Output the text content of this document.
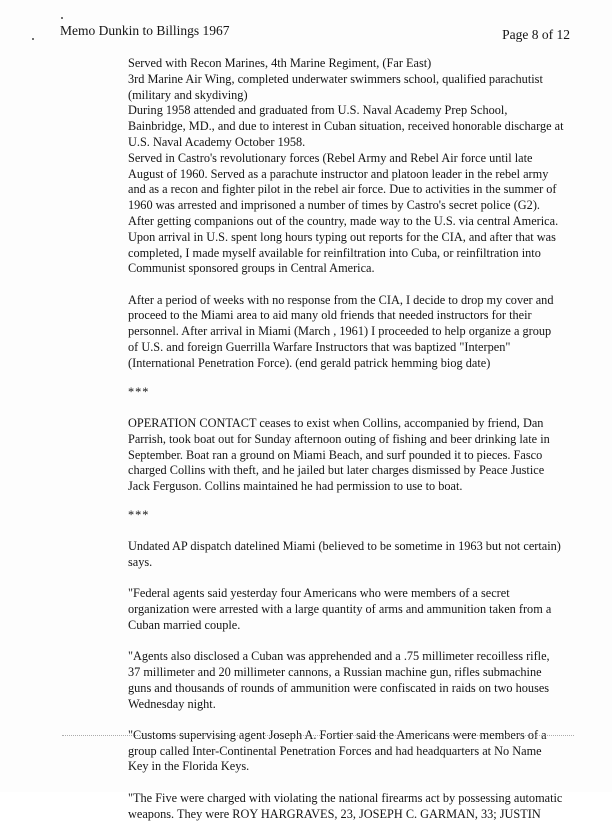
Memo Dunkin to Billings 1967	Page 8 of 12
Served with Recon Marines, 4th Marine Regiment, (Far East)
3rd Marine Air Wing, completed underwater swimmers school, qualified parachutist (military and skydiving)
During 1958 attended and graduated from U.S. Naval Academy Prep School, Bainbridge, MD., and due to interest in Cuban situation, received honorable discharge at U.S. Naval Academy October 1958.
Served in Castro's revolutionary forces (Rebel Army and Rebel Air force until late August of 1960. Served as a parachute instructor and platoon leader in the rebel army and as a recon and fighter pilot in the rebel air force. Due to activities in the summer of 1960 was arrested and imprisoned a number of times by Castro's secret police (G2). After getting companions out of the country, made way to the U.S. via central America. Upon arrival in U.S. spent long hours typing out reports for the CIA, and after that was completed, I made myself available for reinfiltration into Cuba, or reinfiltration into Communist sponsored groups in Central America.

After a period of weeks with no response from the CIA, I decide to drop my cover and proceed to the Miami area to aid many old friends that needed instructors for their personnel. After arrival in Miami (March , 1961) I proceeded to help organize a group of U.S. and foreign Guerrilla Warfare Instructors that was baptized "Interpen" (International Penetration Force). (end gerald patrick hemming biog date)

***

OPERATION CONTACT ceases to exist when Collins, accompanied by friend, Dan Parrish, took boat out for Sunday afternoon outing of fishing and beer drinking late in September. Boat ran a ground on Miami Beach, and surf pounded it to pieces. Fasco charged Collins with theft, and he jailed but later charges dismissed by Peace Justice Jack Ferguson. Collins maintained he had permission to use to boat.

***

Undated AP dispatch datelined Miami (believed to be sometime in 1963 but not certain) says.

"Federal agents said yesterday four Americans who were members of a secret organization were arrested with a large quantity of arms and ammunition taken from a Cuban married couple.

"Agents also disclosed a Cuban was apprehended and a .75 millimeter recoilless rifle, 37 millimeter and 20 millimeter cannons, a Russian machine gun, rifles submachine guns and thousands of rounds of ammunition were confiscated in raids on two houses Wednesday night.

"Customs supervising agent Joseph A. Fortier said the Americans were members of a group called Inter-Continental Penetration Forces and had headquarters at No Name Key in the Florida Keys.

"The Five were charged with violating the national firearms act by possessing automatic weapons. They were ROY HARGRAVES, 23, JOSEPH C. GARMAN, 33; JUSTIN
